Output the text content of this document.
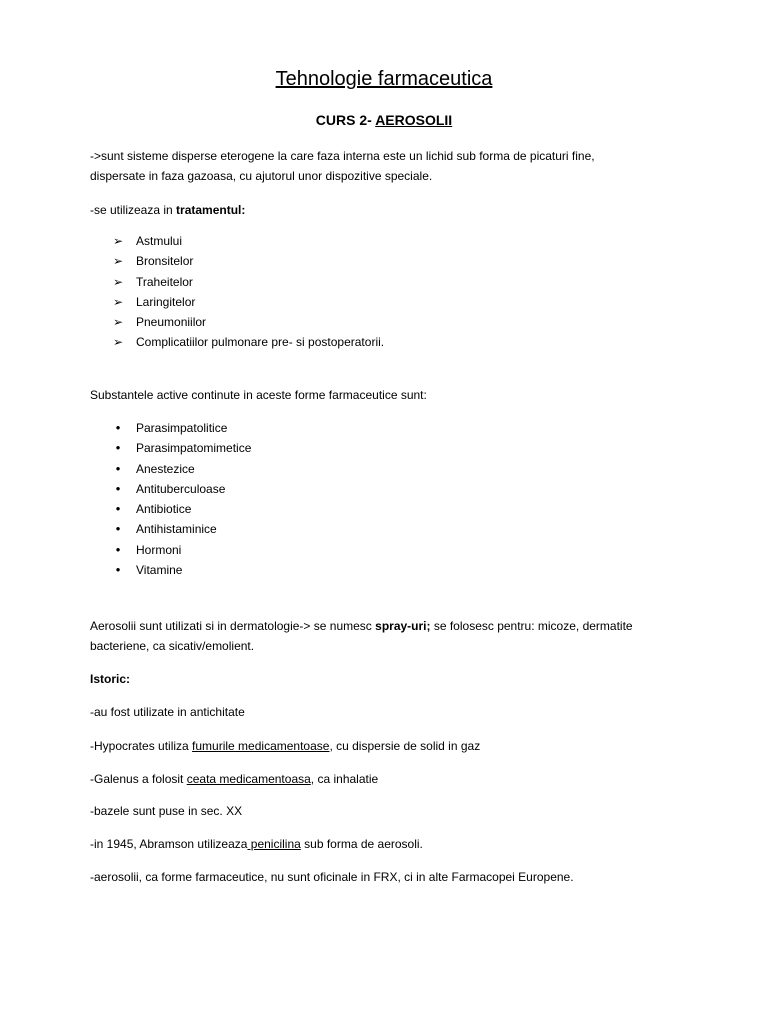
Tehnologie farmaceutica
CURS 2- AEROSOLII
->sunt sisteme disperse eterogene la care faza interna este un lichid sub forma de picaturi fine,
dispersate in faza gazoasa, cu ajutorul unor dispozitive speciale.
-se utilizeaza in tratamentul:
➢ Astmului
➢ Bronsitelor
➢ Traheitelor
➢ Laringitelor
➢ Pneumoniilor
➢ Complicatiilor pulmonare pre- si postoperatorii.
Substantele active continute in aceste forme farmaceutice sunt:
•	Parasimpatolitice
•	Parasimpatomimetice
•	Anestezice
•	Antituberculoase
•	Antibiotice
•	Antihistaminice
•	Hormoni
•	Vitamine
Aerosolii sunt utilizati si in dermatologie-> se numesc spray-uri; se folosesc pentru: micoze, dermatite
bacteriene, ca sicativ/emolient.
Istoric:
-au fost utilizate in antichitate
-Hypocrates utiliza fumurile medicamentoase, cu dispersie de solid in gaz
-Galenus a folosit ceata medicamentoasa, ca inhalatie
-bazele sunt puse in sec. XX
-in 1945, Abramson utilizeaza penicilina sub forma de aerosoli.
-aerosolii, ca forme farmaceutice, nu sunt oficinale in FRX, ci in alte Farmacopei Europene.
